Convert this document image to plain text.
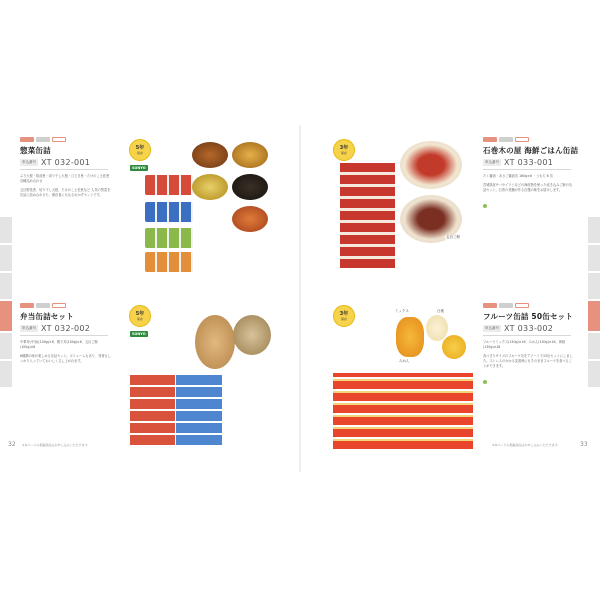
惣菜缶詰
申込番号 XT 032-001
ぶり大根・筑前煮・切り干し大根・ひじき煮・たけのこ土佐煮 各種詰め合わせ
五目野菜煮、切り干し大根、たけのこ土佐煮など 人気の惣菜を缶詰に詰め合わせた、保存食にもなるおかずセットです。
5年
保存
SUNYO
3年
保存
五目ご飯
石巻木の屋 海鮮ごはん缶詰
申込番号 XT 033-001
たく醤油・あさご醤油缶 160g×6 ・うもち 6 缶
宮城県産サバやイワシなどの海産物を使った炊き込みご飯の缶詰セット。石巻の老舗が作る自慢の味をお届けします。
弁当缶詰セット
申込番号 XT 032-002
中華丼(中身)(100g)×6、親子丼(100g)×6、五目ご飯(100g)×6
6種類の味が楽しめる缶詰セット。ボリュームもあり、具材もしっかり入っていておいしく召し上がれます。
5年
保存
SUNYO
3年
保存
ミックス	白桃
みかん
フルーツ缶詰 50缶セット
申込番号 XT 033-002
フルーツミックス(130g)×16、みかん(130g)×16、黄桃(130g)×18
食べきりサイズのフルーツ缶をアソートで15缶セットにしました。ストレスのかかる災害時にもそのままフルーツを食べることができます。
32 ※本ページの掲載商品はお申し込みいただけます。	※本ページの掲載商品はお申し込みいただけます。	33
